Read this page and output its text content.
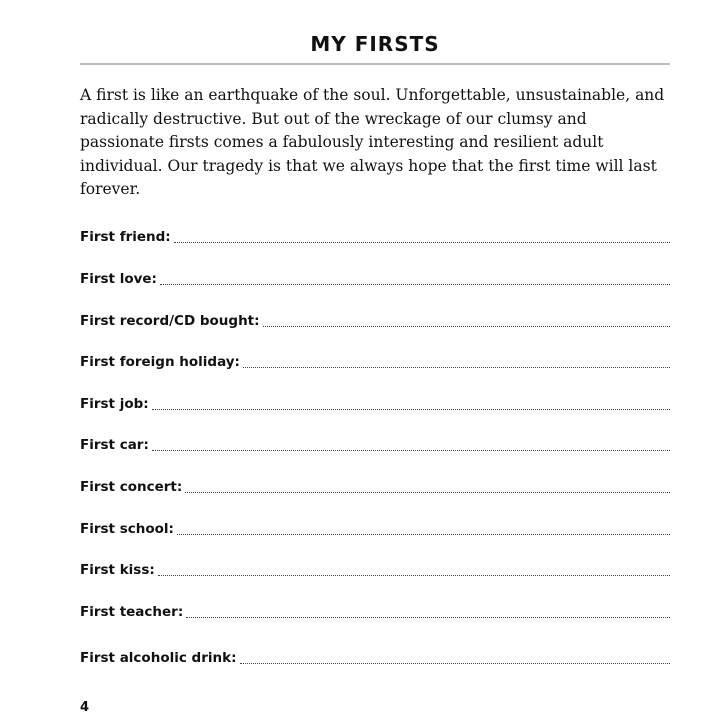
MY FIRSTS

A first is like an earthquake of the soul. Unforgettable, unsustainable, and radically destructive. But out of the wreckage of our clumsy and passionate firsts comes a fabulously interesting and resilient adult individual. Our tragedy is that we always hope that the first time will last forever.

First friend:
First love:
First record/CD bought:
First foreign holiday:
First job:
First car:
First concert:
First school:
First kiss:
First teacher:
First alcoholic drink:
4
